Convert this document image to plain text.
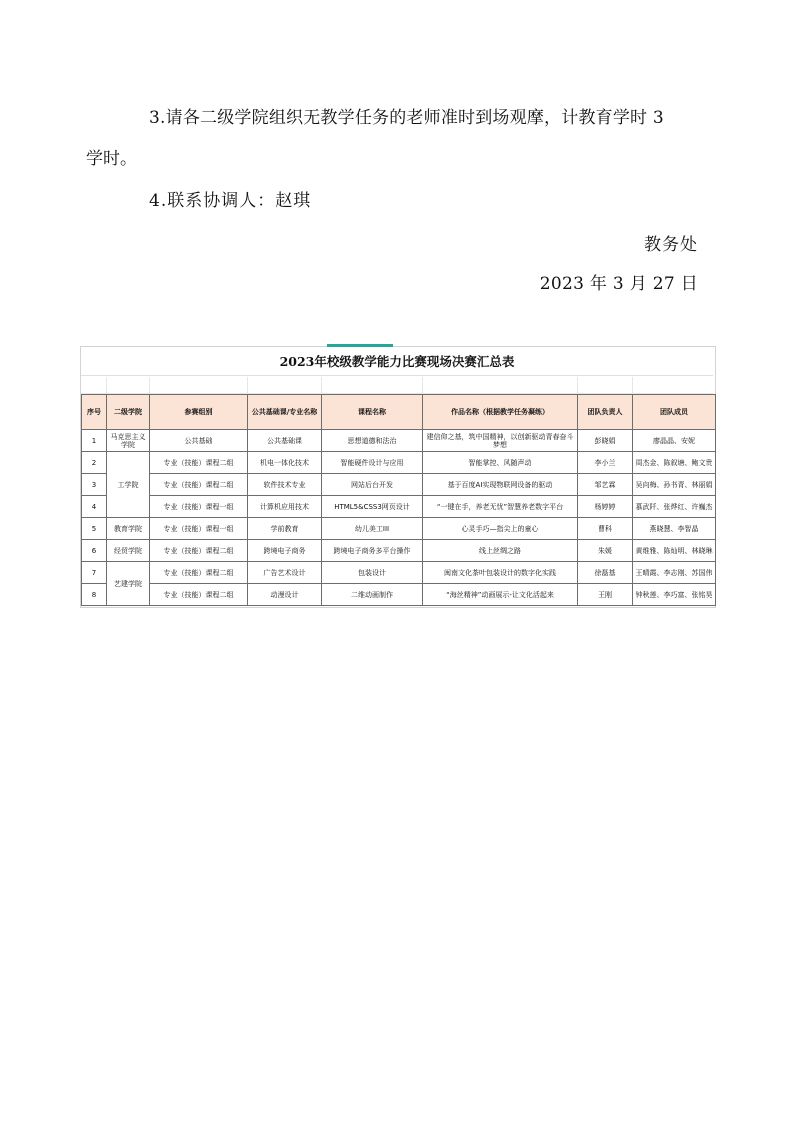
3.请各二级学院组织无教学任务的老师准时到场观摩，计教育学时 3

学时。

4.联系协调人：赵琪

教务处

2023 年 3 月 27 日

2023年校级教学能力比赛现场决赛汇总表
序号	二级学院	参赛组别	公共基础课/专业名称	课程名称	作品名称（根据教学任务凝练）	团队负责人	团队成员
1	马克思主义学院	公共基础	公共基础课	思想道德和法治	建信仰之基，筑中国精神，以创新驱动青春奋斗梦想	彭晓娟	廖晶晶、安妮
2	工学院	专业（技能）课程二组	机电一体化技术	智能硬件设计与应用	智能掌控、风随声动	李小兰	周杰金、陈叙塘、鲍文贵
3		专业（技能）课程二组	软件技术专业	网站后台开发	基于百度AI实现物联网设备的驱动	邹艺霖	吴向梅、孙书青、林丽娟
4		专业（技能）课程一组	计算机应用技术	HTML5&CSS3网页设计	“一键在手，养老无忧”智慧养老数字平台	杨婷婷	慕武阡、张烨红、许巍杰
5	教育学院	专业（技能）课程一组	学前教育	幼儿美工III	心灵手巧—指尖上的童心	曹科	燕晓慧、李智晶
6	经贸学院	专业（技能）课程二组	跨境电子商务	跨境电子商务多平台操作	线上丝绸之路	朱媛	黄维雅、陈灿明、林晓琳
7	艺建学院	专业（技能）课程二组	广告艺术设计	包装设计	闽南文化茶叶包装设计的数字化实践	徐磊基	王晴霞、李志刚、苏国伟
8		专业（技能）课程二组	动漫设计	二维动画制作	“海丝精神”动画展示-让文化活起来	王刚	钟秋莲、李巧富、张铭昊
